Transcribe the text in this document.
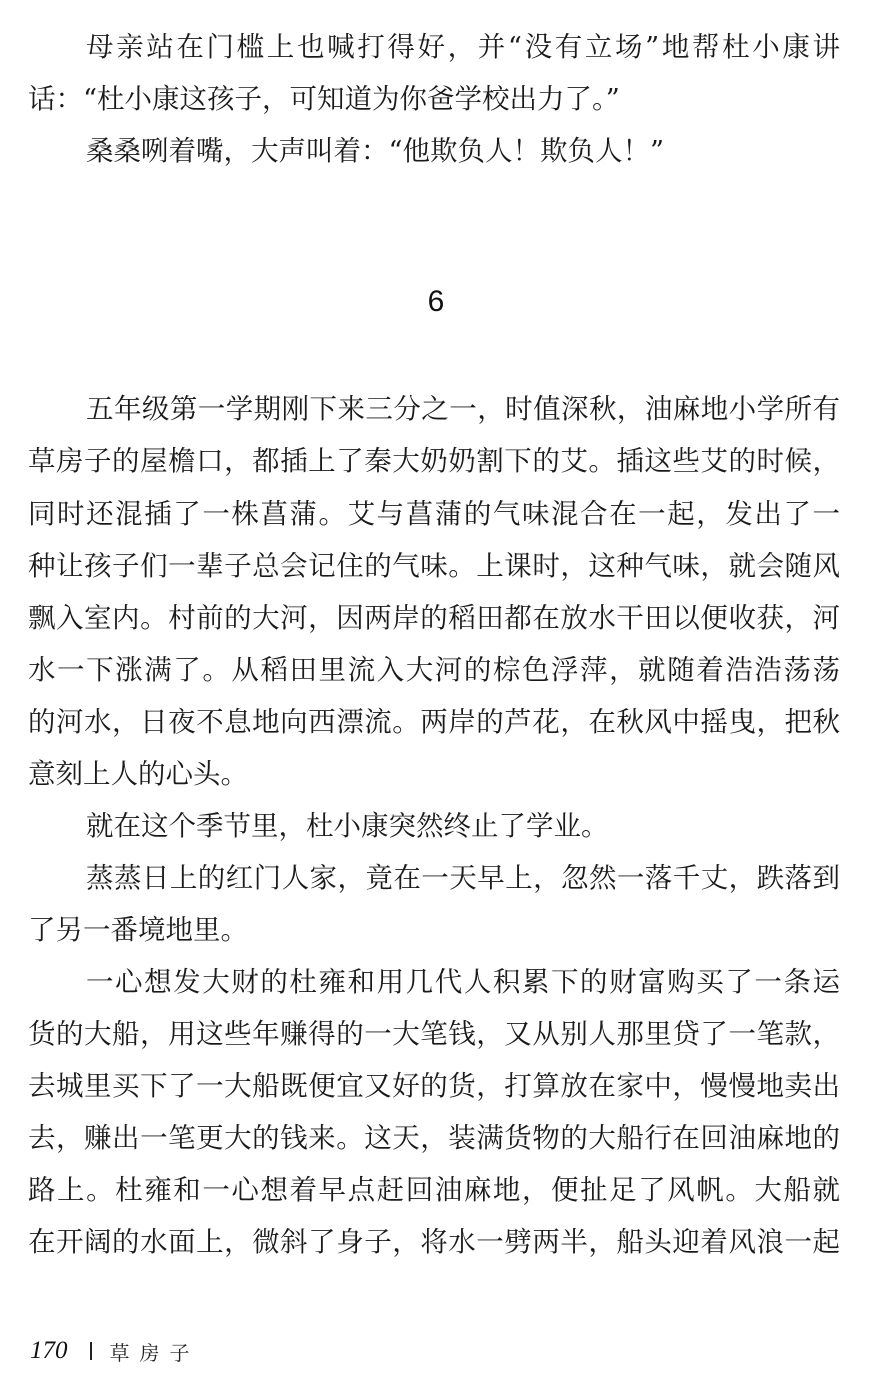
母亲站在门槛上也喊打得好，并“没有立场”地帮杜小康讲
话：“杜小康这孩子，可知道为你爸学校出力了。”
桑桑咧着嘴，大声叫着：“他欺负人！欺负人！”
6
五年级第一学期刚下来三分之一，时值深秋，油麻地小学所有
草房子的屋檐口，都插上了秦大奶奶割下的艾。插这些艾的时候，
同时还混插了一株菖蒲。艾与菖蒲的气味混合在一起，发出了一
种让孩子们一辈子总会记住的气味。上课时，这种气味，就会随风
飘入室内。村前的大河，因两岸的稻田都在放水干田以便收获，河
水一下涨满了。从稻田里流入大河的棕色浮萍，就随着浩浩荡荡
的河水，日夜不息地向西漂流。两岸的芦花，在秋风中摇曳，把秋
意刻上人的心头。
就在这个季节里，杜小康突然终止了学业。
蒸蒸日上的红门人家，竟在一天早上，忽然一落千丈，跌落到
了另一番境地里。
一心想发大财的杜雍和用几代人积累下的财富购买了一条运
货的大船，用这些年赚得的一大笔钱，又从别人那里贷了一笔款，
去城里买下了一大船既便宜又好的货，打算放在家中，慢慢地卖出
去，赚出一笔更大的钱来。这天，装满货物的大船行在回油麻地的
路上。杜雍和一心想着早点赶回油麻地，便扯足了风帆。大船就
在开阔的水面上，微斜了身子，将水一劈两半，船头迎着风浪一起
170 草房子
